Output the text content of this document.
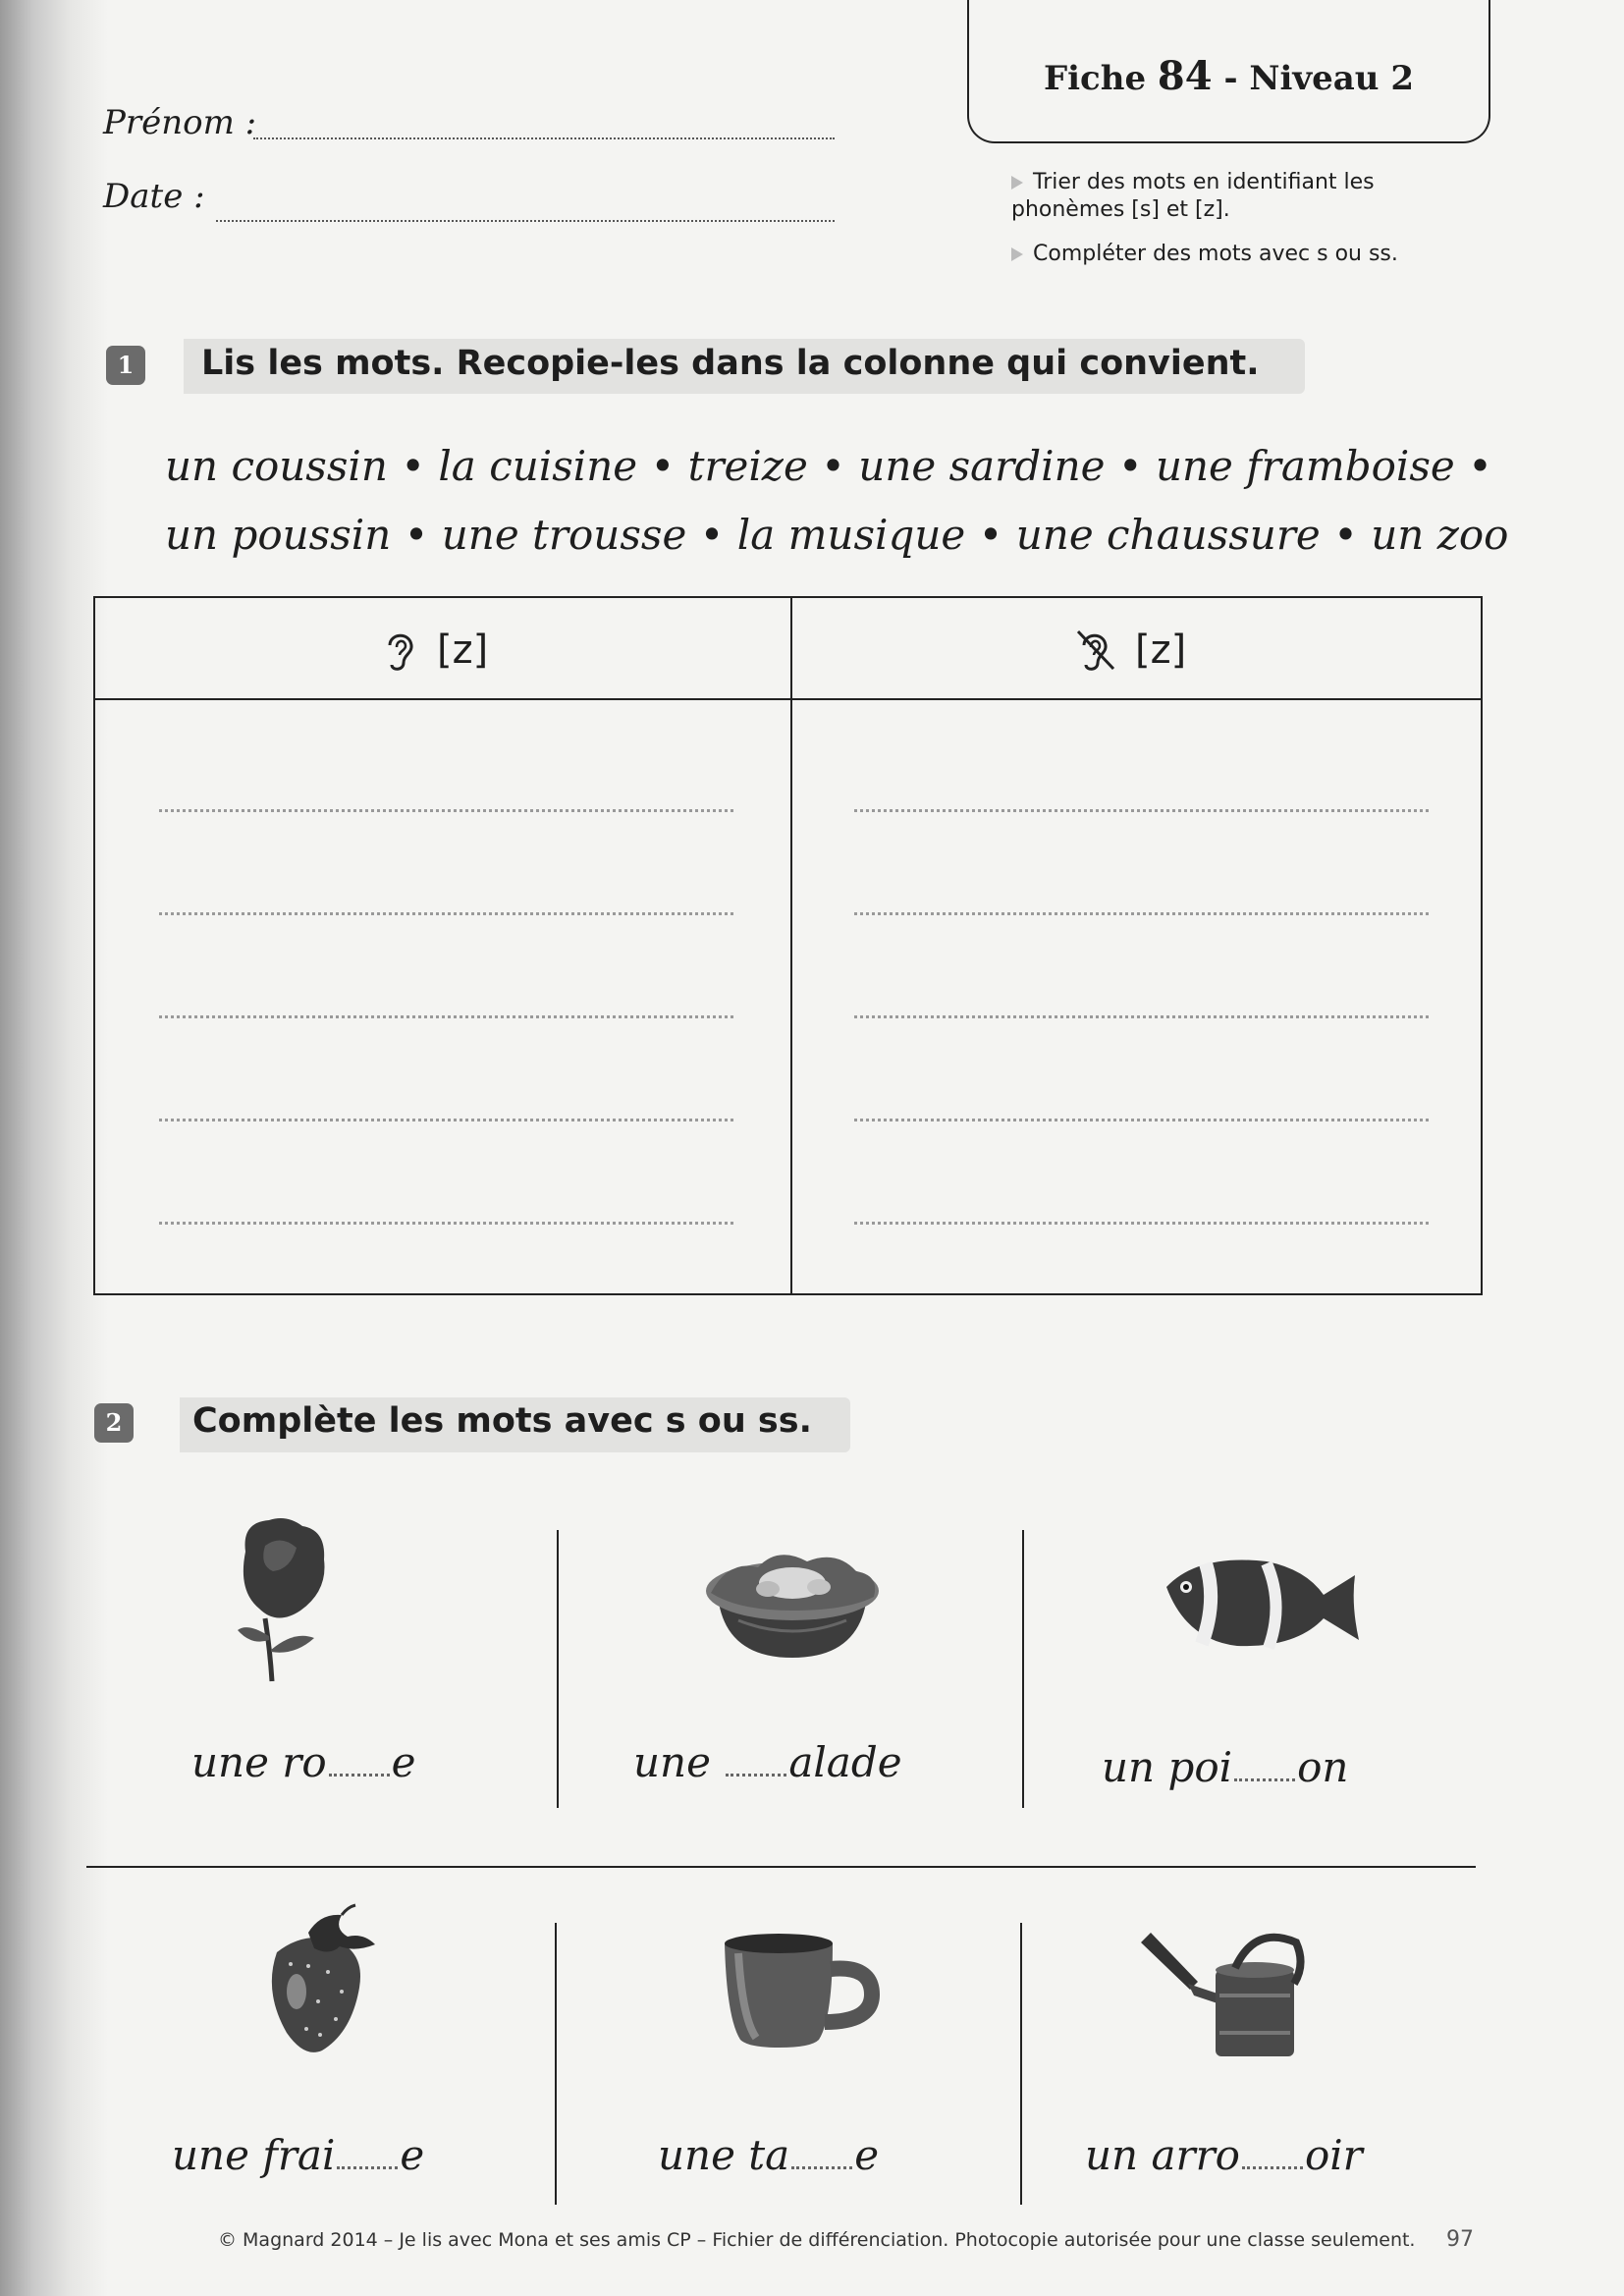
Fiche 84 - Niveau 2
Prénom :
Date :	Trier des mots en identifiant les phonèmes [s] et [z].
Compléter des mots avec s ou ss.
1	Lis les mots. Recopie-les dans la colonne qui convient.
un coussin • la cuisine • treize • une sardine • une framboise •
un poussin • une trousse • la musique • une chaussure • un zoo
[z]	[z]
2	Complète les mots avec s ou ss.
une ro e	une alade	un poi on
une frai e	une ta e	un arro oir
© Magnard 2014 – Je lis avec Mona et ses amis CP – Fichier de différenciation. Photocopie autorisée pour une classe seulement. 97
